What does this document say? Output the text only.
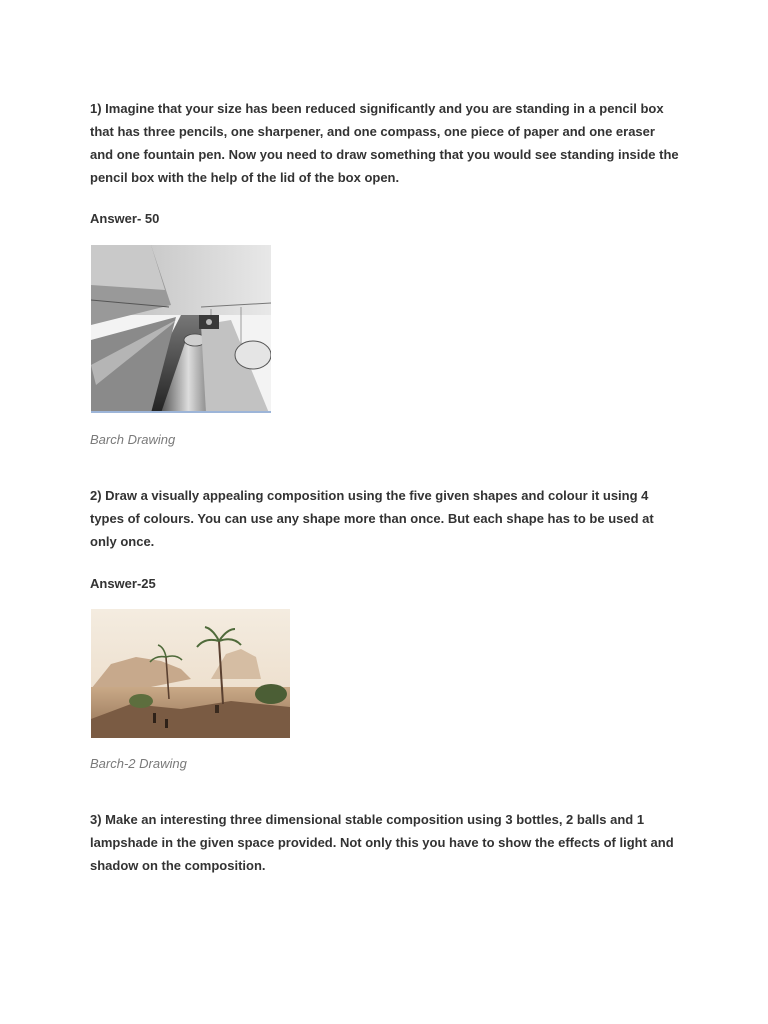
1) Imagine that your size has been reduced significantly and you are standing in a pencil box that has three pencils, one sharpener, and one compass, one piece of paper and one eraser and one fountain pen. Now you need to draw something that you would see standing inside the pencil box with the help of the lid of the box open.

Answer- 50

Barch Drawing

2) Draw a visually appealing composition using the five given shapes and colour it using 4 types of colours. You can use any shape more than once. But each shape has to be used at only once.

Answer-25

Barch-2 Drawing

3) Make an interesting three dimensional stable composition using 3 bottles, 2 balls and 1 lampshade in the given space provided. Not only this you have to show the effects of light and shadow on the composition.
